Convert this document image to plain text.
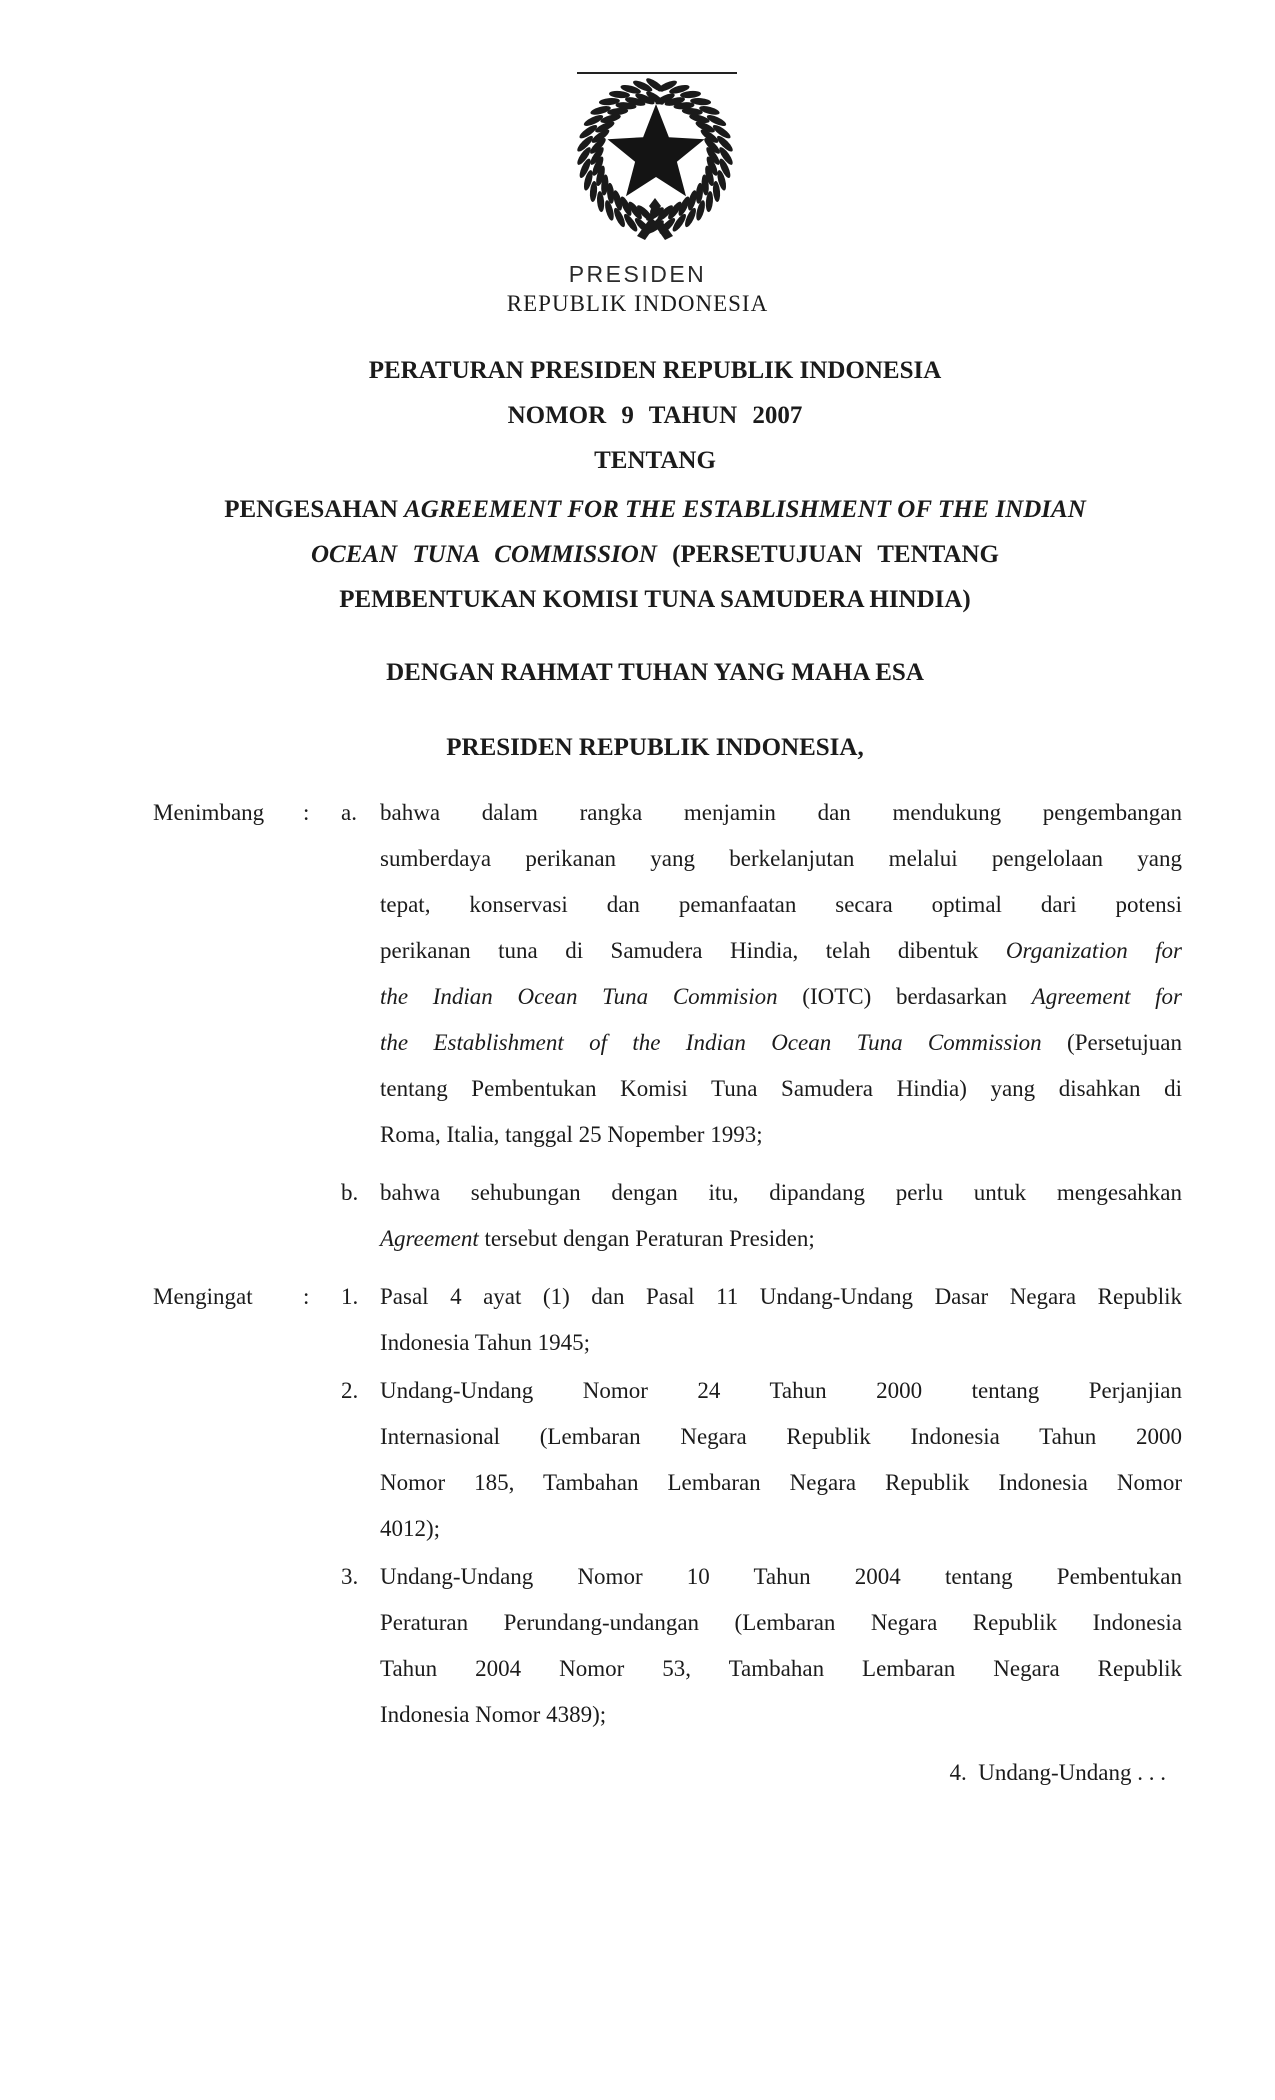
PRESIDEN
REPUBLIK INDONESIA
PERATURAN PRESIDEN REPUBLIK INDONESIA
NOMOR 9 TAHUN 2007
TENTANG
PENGESAHAN AGREEMENT FOR THE ESTABLISHMENT OF THE INDIAN
OCEAN TUNA COMMISSION (PERSETUJUAN TENTANG
PEMBENTUKAN KOMISI TUNA SAMUDERA HINDIA)
DENGAN RAHMAT TUHAN YANG MAHA ESA
PRESIDEN REPUBLIK INDONESIA,
Menimbang : a.	bahwa dalam rangka menjamin dan mendukung pengembangan
sumberdaya perikanan yang berkelanjutan melalui pengelolaan yang
tepat, konservasi dan pemanfaatan secara optimal dari potensi
perikanan tuna di Samudera Hindia, telah dibentuk Organization for
the Indian Ocean Tuna Commision (IOTC) berdasarkan Agreement for
the Establishment of the Indian Ocean Tuna Commission (Persetujuan
tentang Pembentukan Komisi Tuna Samudera Hindia) yang disahkan di
Roma, Italia, tanggal 25 Nopember 1993;
b. bahwa sehubungan dengan itu, dipandang perlu untuk mengesahkan
Agreement tersebut dengan Peraturan Presiden;
Mengingat : 1. Pasal 4 ayat (1) dan Pasal 11 Undang-Undang Dasar Negara Republik
Indonesia Tahun 1945;
2. Undang-Undang Nomor 24 Tahun 2000 tentang Perjanjian
Internasional (Lembaran Negara Republik Indonesia Tahun 2000
Nomor 185, Tambahan Lembaran Negara Republik Indonesia Nomor
4012);
3. Undang-Undang Nomor 10 Tahun 2004 tentang Pembentukan
Peraturan Perundang-undangan (Lembaran Negara Republik Indonesia
Tahun 2004 Nomor 53, Tambahan Lembaran Negara Republik
Indonesia Nomor 4389);
4.  Undang-Undang . . .
